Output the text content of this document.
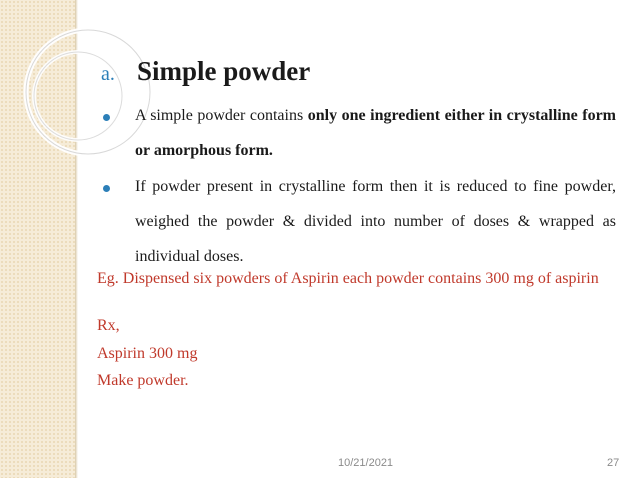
a. Simple powder
A simple powder contains only one ingredient either in crystalline form or amorphous form.
If powder present in crystalline form then it is reduced to fine powder, weighed the powder & divided into number of doses & wrapped as individual doses.
Eg. Dispensed six powders of Aspirin each powder contains 300 mg of aspirin
Rx,
Aspirin 300 mg
Make powder.
10/21/2021	27
